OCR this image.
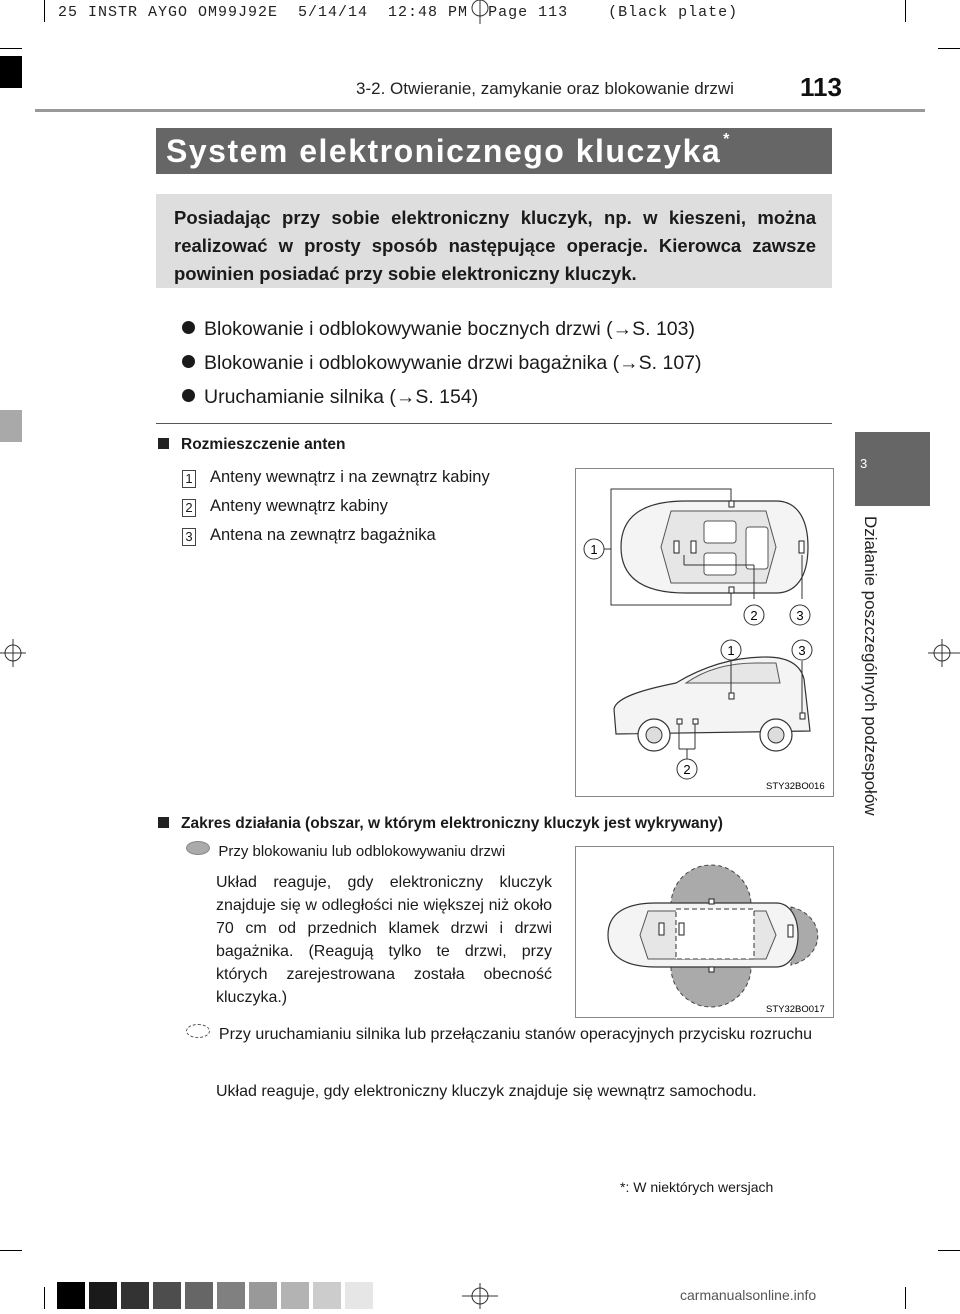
25 INSTR AYGO OM99J92E  5/14/14  12:48 PM  Page 113    (Black plate)
3-2. Otwieranie, zamykanie oraz blokowanie drzwi	113
System elektronicznego kluczyka *
Posiadając przy sobie elektroniczny kluczyk, np. w kieszeni, można realizować w prosty sposób następujące operacje. Kierowca zawsze powinien posiadać przy sobie elektroniczny kluczyk.
Blokowanie i odblokowywanie bocznych drzwi (→S. 103)
Blokowanie i odblokowywanie drzwi bagażnika (→S. 107)
Uruchamianie silnika (→S. 154)
Rozmieszczenie anten
1 Anteny wewnątrz i na zewnątrz kabiny
2 Anteny wewnątrz kabiny
3 Antena na zewnątrz bagażnika
1
2	3
1	3
2
STY32BO016
Zakres działania (obszar, w którym elektroniczny kluczyk jest wykrywany)
Przy blokowaniu lub odblokowywaniu drzwi
Układ reaguje, gdy elektroniczny kluczyk znajduje się w odległości nie większej niż około 70 cm od przednich klamek drzwi i drzwi bagażnika. (Reagują tylko te drzwi, przy których zarejestrowana została obecność kluczyka.)
STY32BO017
Przy uruchamianiu silnika lub przełączaniu stanów operacyjnych przycisku rozruchu
Układ reaguje, gdy elektroniczny kluczyk znajduje się wewnątrz samochodu.
3
Działanie poszczególnych podzespołów
*: W niektórych wersjach
carmanualsonline.info
